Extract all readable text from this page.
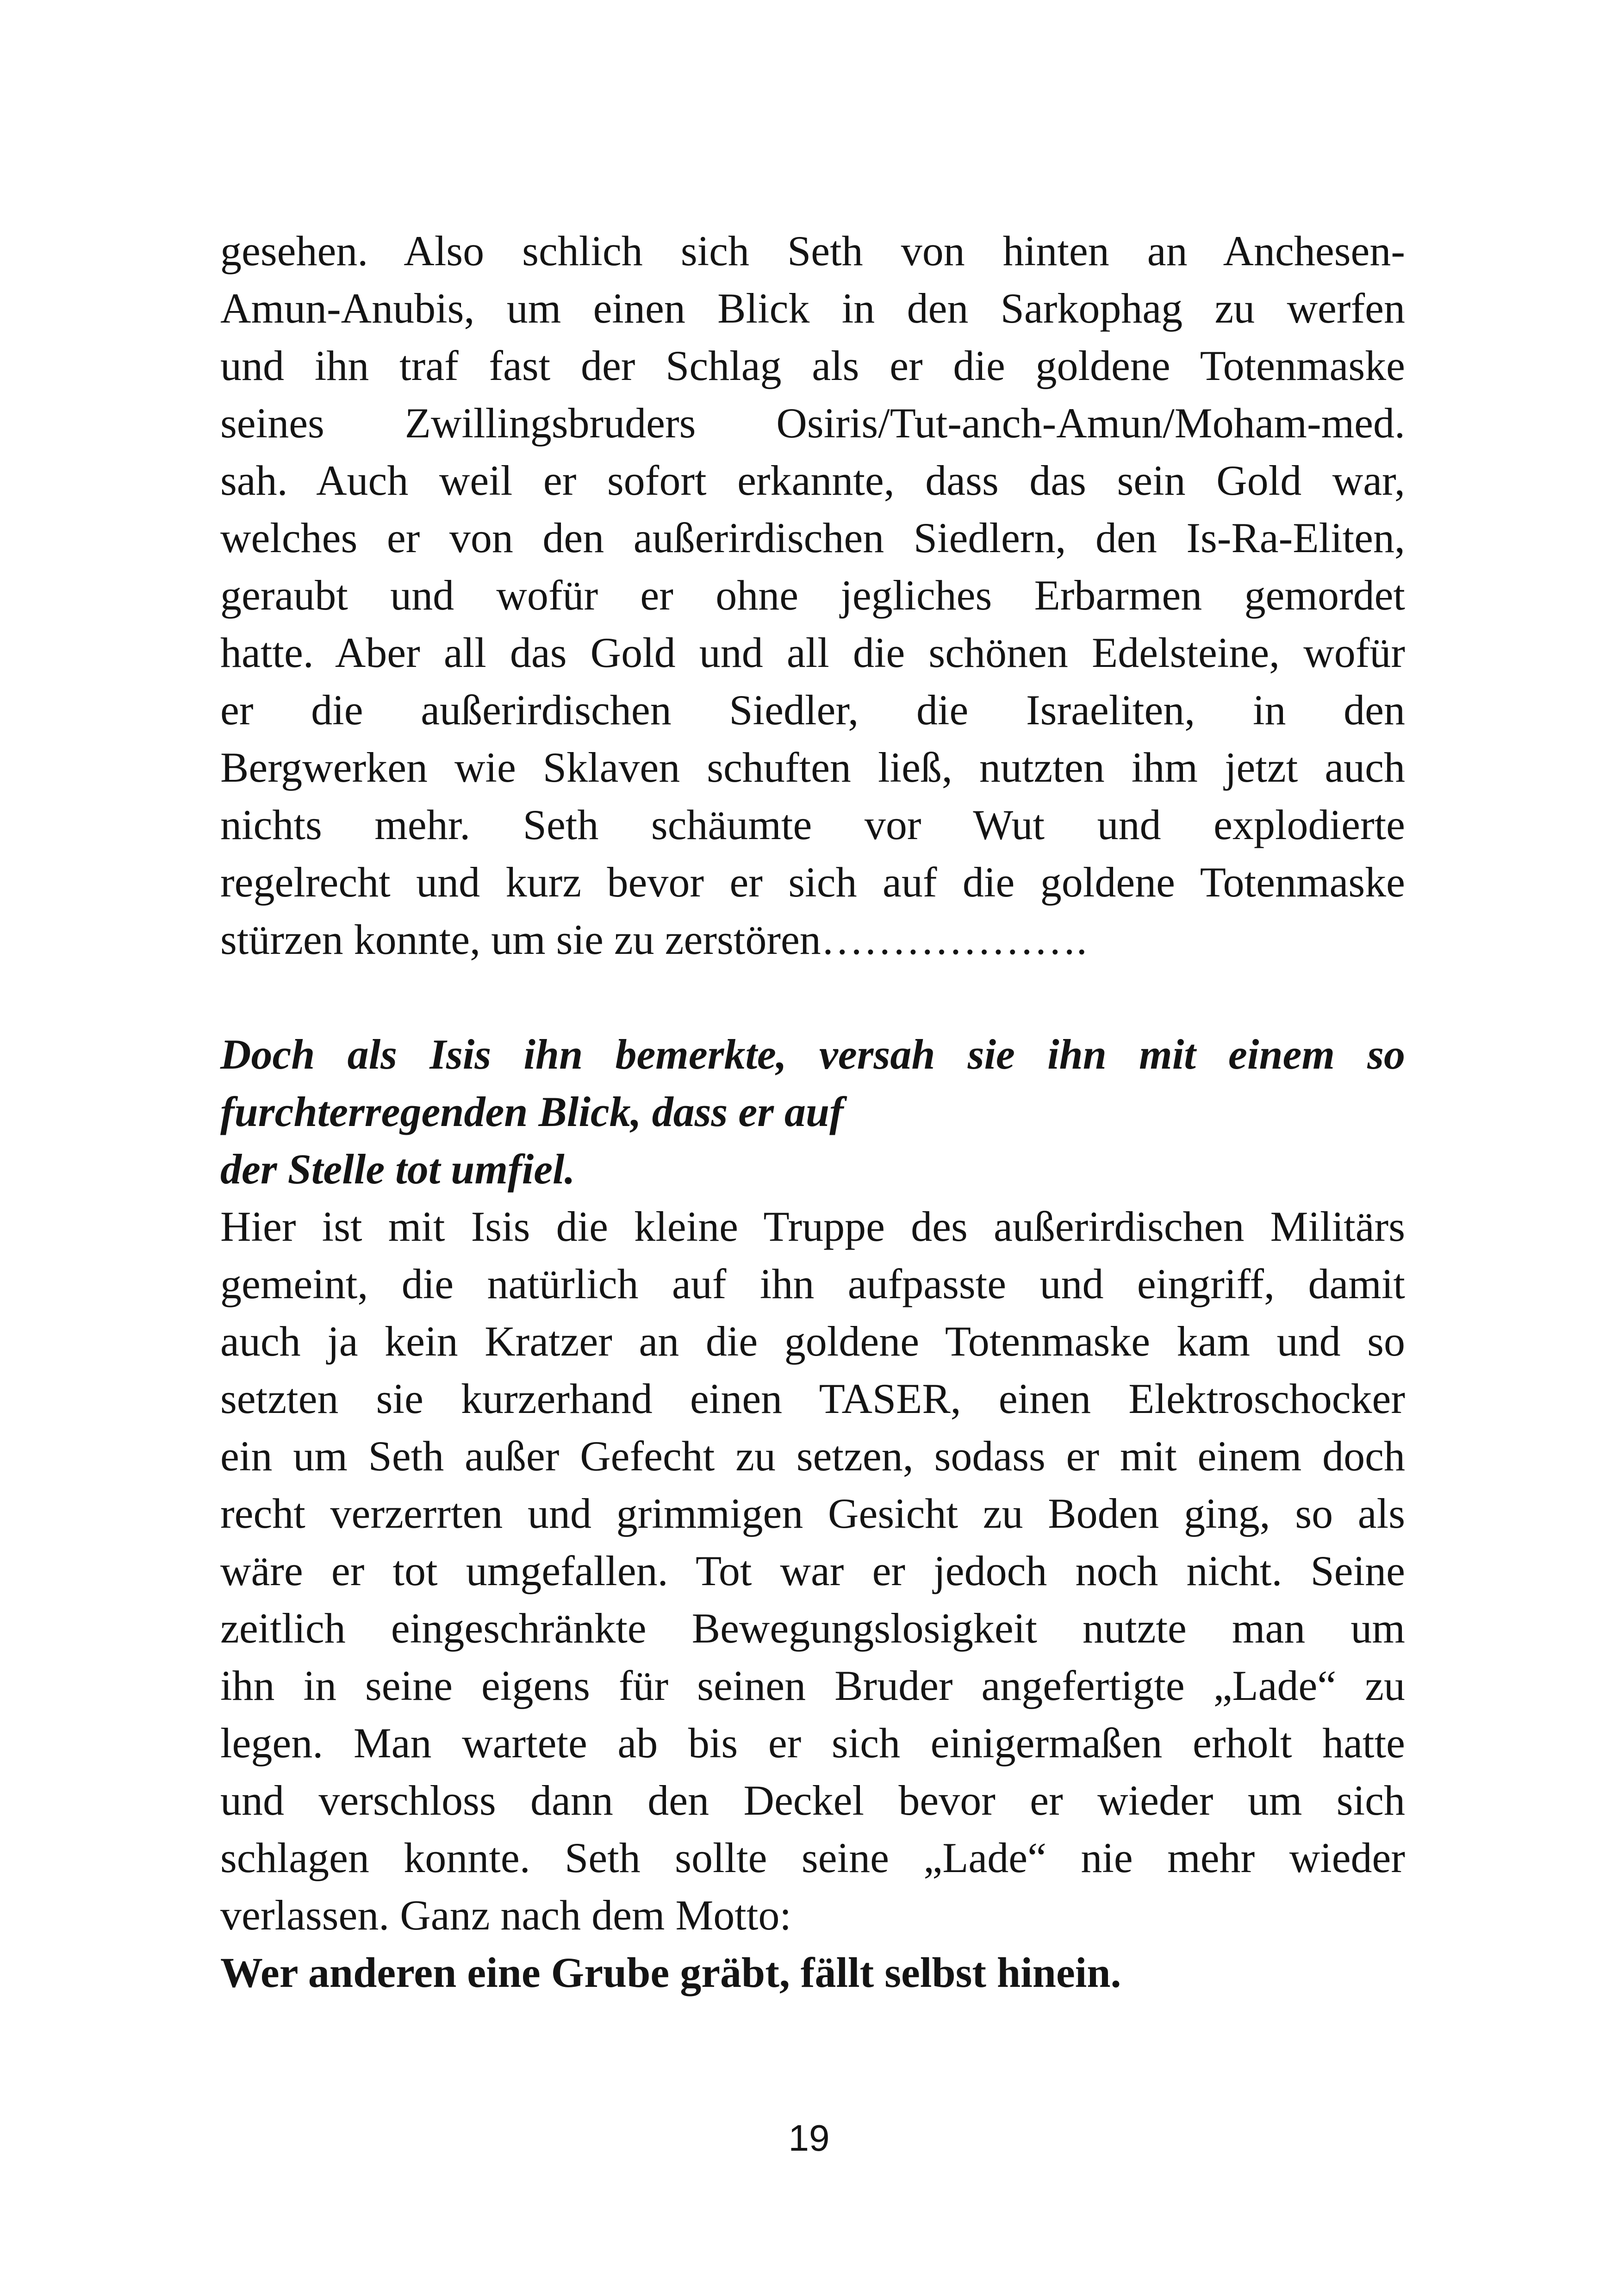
gesehen. Also schlich sich Seth von hinten an Anchesen-
Amun-Anubis, um einen Blick in den Sarkophag zu werfen
und ihn traf fast der Schlag als er die goldene Totenmaske
seines Zwillingsbruders Osiris/Tut-anch-Amun/Moham-med.
sah. Auch weil er sofort erkannte, dass das sein Gold war,
welches er von den außerirdischen Siedlern, den Is-Ra-Eliten,
geraubt und wofür er ohne jegliches Erbarmen gemordet
hatte. Aber all das Gold und all die schönen Edelsteine, wofür
er die außerirdischen Siedler, die Israeliten, in den
Bergwerken wie Sklaven schuften ließ, nutzten ihm jetzt auch
nichts mehr. Seth schäumte vor Wut und explodierte
regelrecht und kurz bevor er sich auf die goldene Totenmaske
stürzen konnte, um sie zu zerstören……………….
Doch als Isis ihn bemerkte, versah sie ihn mit einem so
furchterregenden Blick, dass er auf
der Stelle tot umfiel.
Hier ist mit Isis die kleine Truppe des außerirdischen Militärs
gemeint, die natürlich auf ihn aufpasste und eingriff, damit
auch ja kein Kratzer an die goldene Totenmaske kam und so
setzten sie kurzerhand einen TASER, einen Elektroschocker
ein um Seth außer Gefecht zu setzen, sodass er mit einem doch
recht verzerrten und grimmigen Gesicht zu Boden ging, so als
wäre er tot umgefallen. Tot war er jedoch noch nicht. Seine
zeitlich eingeschränkte Bewegungslosigkeit nutzte man um
ihn in seine eigens für seinen Bruder angefertigte „Lade“ zu
legen. Man wartete ab bis er sich einigermaßen erholt hatte
und verschloss dann den Deckel bevor er wieder um sich
schlagen konnte. Seth sollte seine „Lade“ nie mehr wieder
verlassen. Ganz nach dem Motto:
Wer anderen eine Grube gräbt, fällt selbst hinein.
19
